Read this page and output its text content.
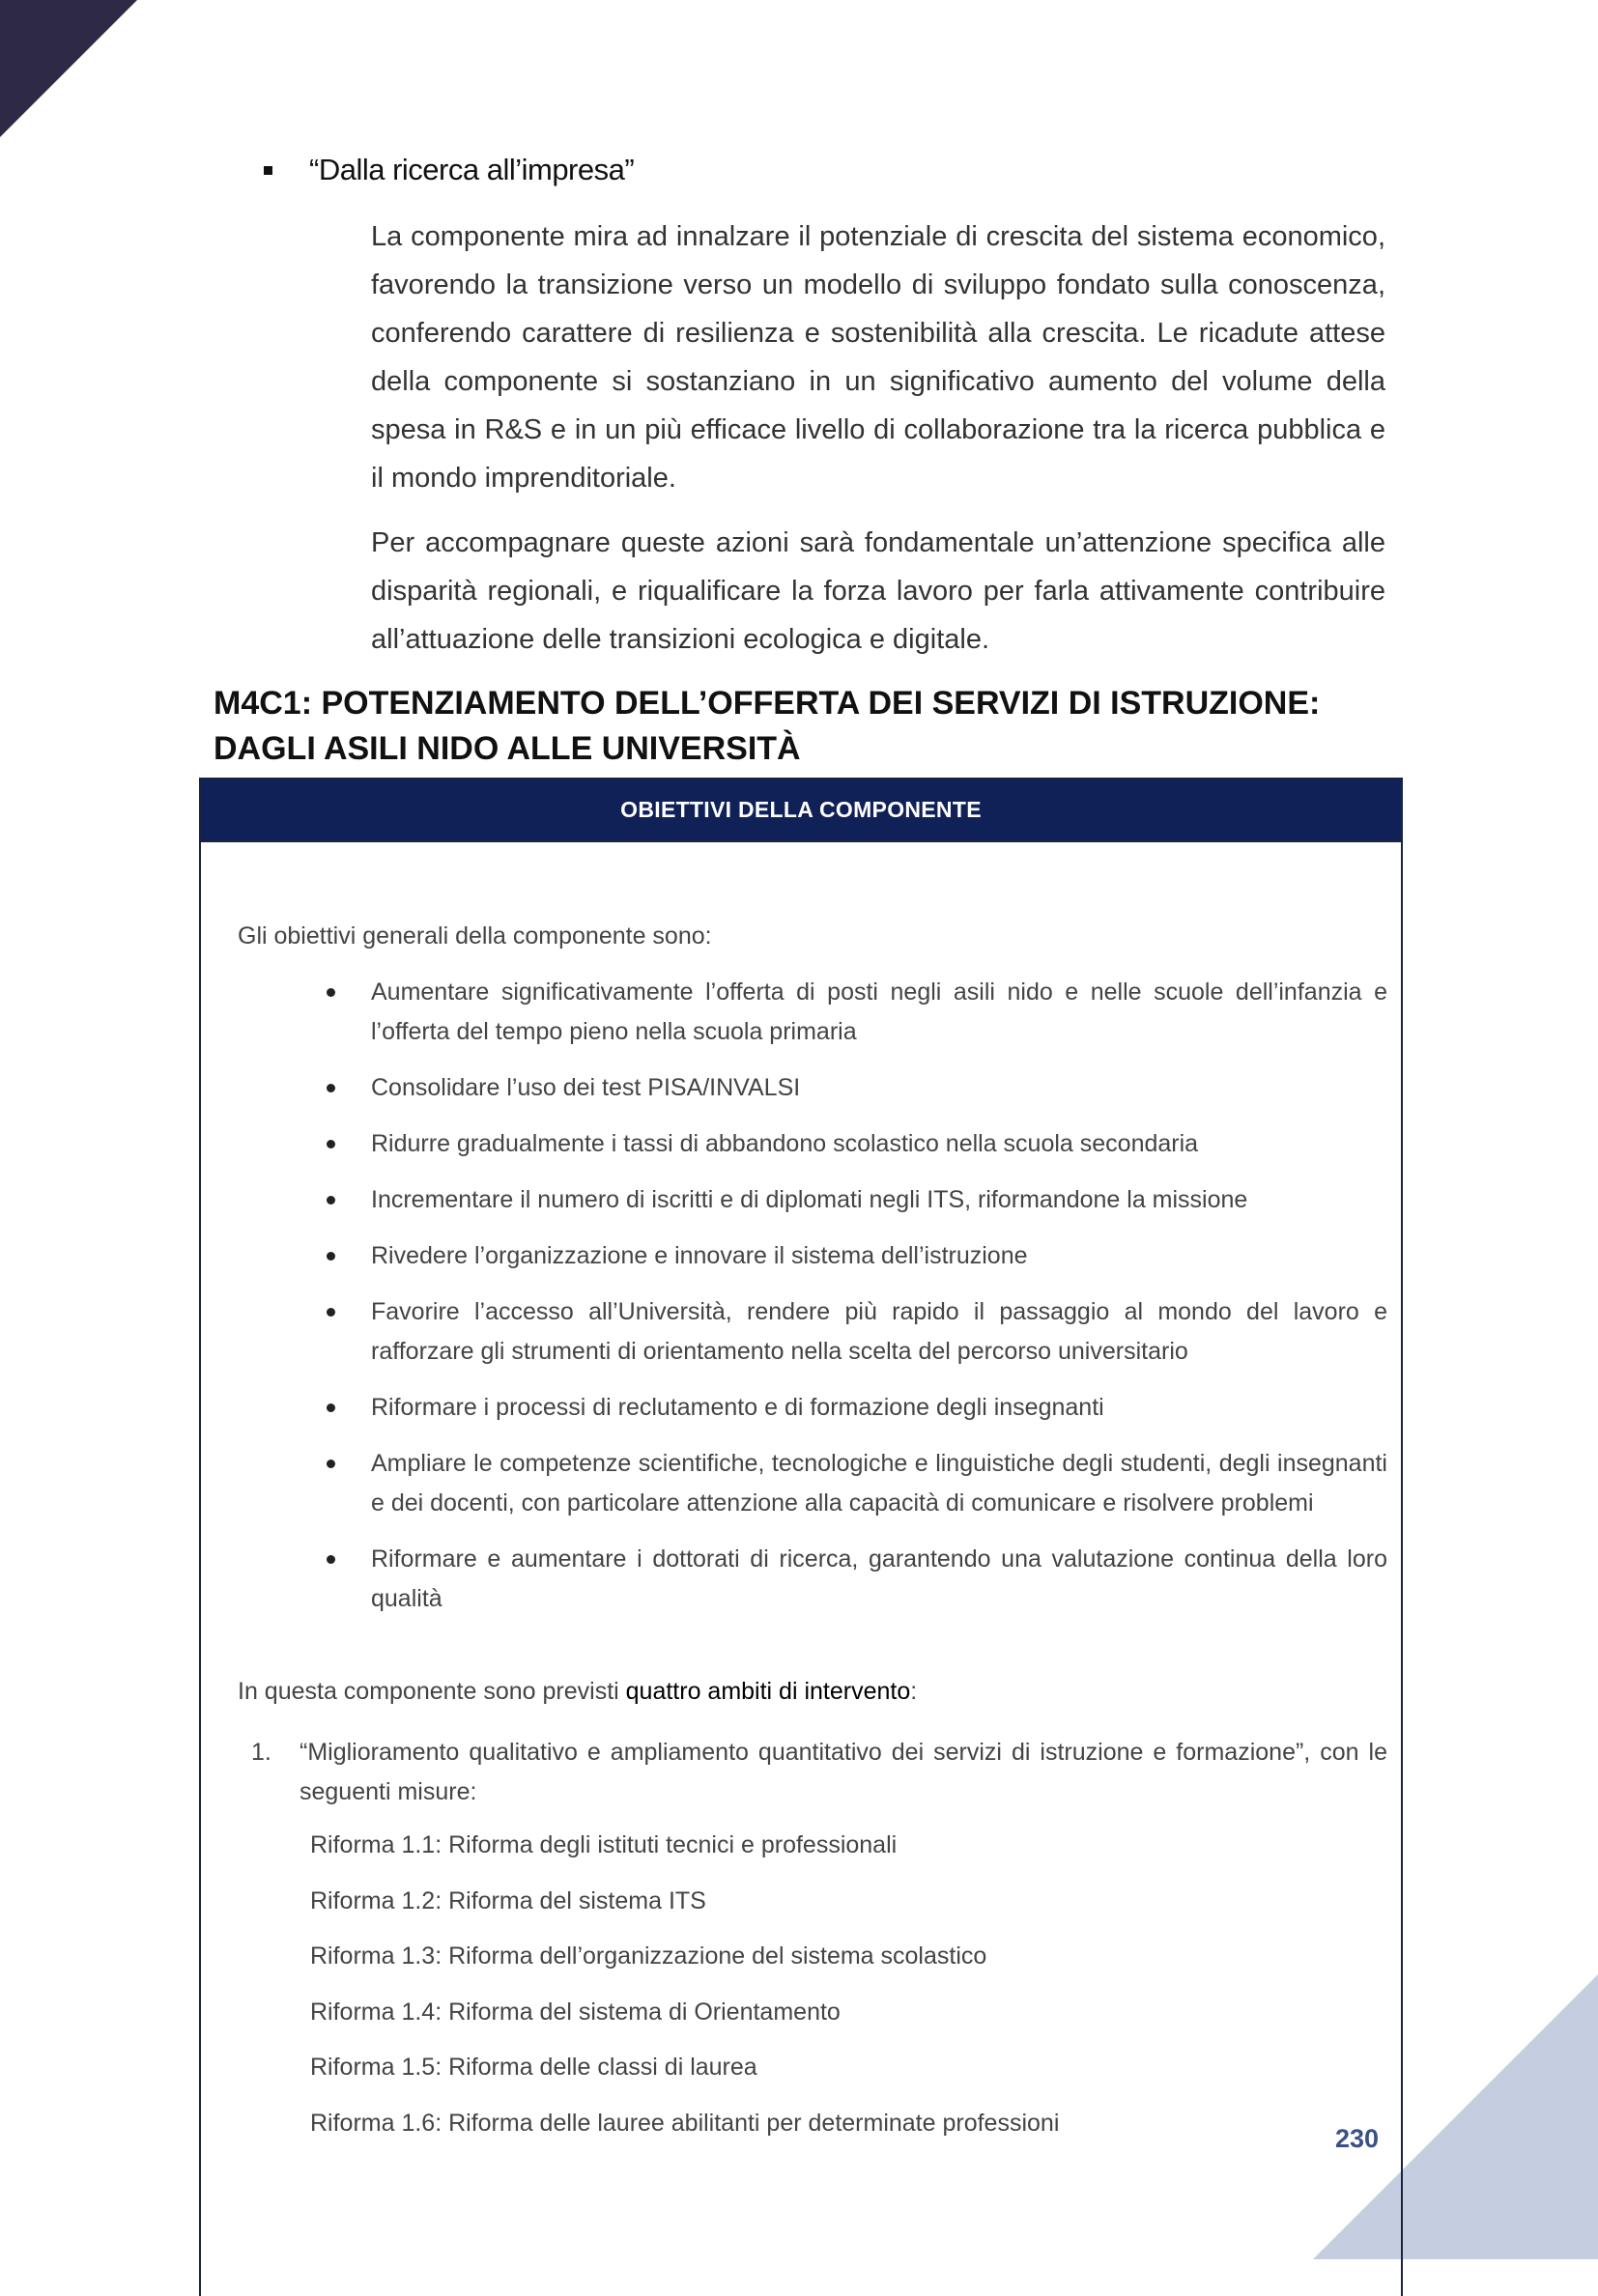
“Dalla ricerca all’impresa”

La componente mira ad innalzare il potenziale di crescita del sistema economico, favorendo la transizione verso un modello di sviluppo fondato sulla conoscenza, conferendo carattere di resilienza e sostenibilità alla crescita. Le ricadute attese della componente si sostanziano in un significativo aumento del volume della spesa in R&S e in un più efficace livello di collaborazione tra la ricerca pubblica e il mondo imprenditoriale.

Per accompagnare queste azioni sarà fondamentale un’attenzione specifica alle disparità regionali, e riqualificare la forza lavoro per farla attivamente contribuire all’attuazione delle transizioni ecologica e digitale.

M4C1: POTENZIAMENTO DELL’OFFERTA DEI SERVIZI DI ISTRUZIONE: DAGLI ASILI NIDO ALLE UNIVERSITÀ
OBIETTIVI DELLA COMPONENTE
Gli obiettivi generali della componente sono:
Aumentare significativamente l’offerta di posti negli asili nido e nelle scuole dell’infanzia e l’offerta del tempo pieno nella scuola primaria
Consolidare l’uso dei test PISA/INVALSI
Ridurre gradualmente i tassi di abbandono scolastico nella scuola secondaria
Incrementare il numero di iscritti e di diplomati negli ITS, riformandone la missione
Rivedere l’organizzazione e innovare il sistema dell’istruzione
Favorire l’accesso all’Università, rendere più rapido il passaggio al mondo del lavoro e rafforzare gli strumenti di orientamento nella scelta del percorso universitario
Riformare i processi di reclutamento e di formazione degli insegnanti
Ampliare le competenze scientifiche, tecnologiche e linguistiche degli studenti, degli insegnanti e dei docenti, con particolare attenzione alla capacità di comunicare e risolvere problemi
Riformare e aumentare i dottorati di ricerca, garantendo una valutazione continua della loro qualità
In questa componente sono previsti quattro ambiti di intervento:
1. “Miglioramento qualitativo e ampliamento quantitativo dei servizi di istruzione e formazione”, con le seguenti misure:
Riforma 1.1: Riforma degli istituti tecnici e professionali
Riforma 1.2: Riforma del sistema ITS
Riforma 1.3: Riforma dell’organizzazione del sistema scolastico
Riforma 1.4: Riforma del sistema di Orientamento
Riforma 1.5: Riforma delle classi di laurea
Riforma 1.6: Riforma delle lauree abilitanti per determinate professioni
230
